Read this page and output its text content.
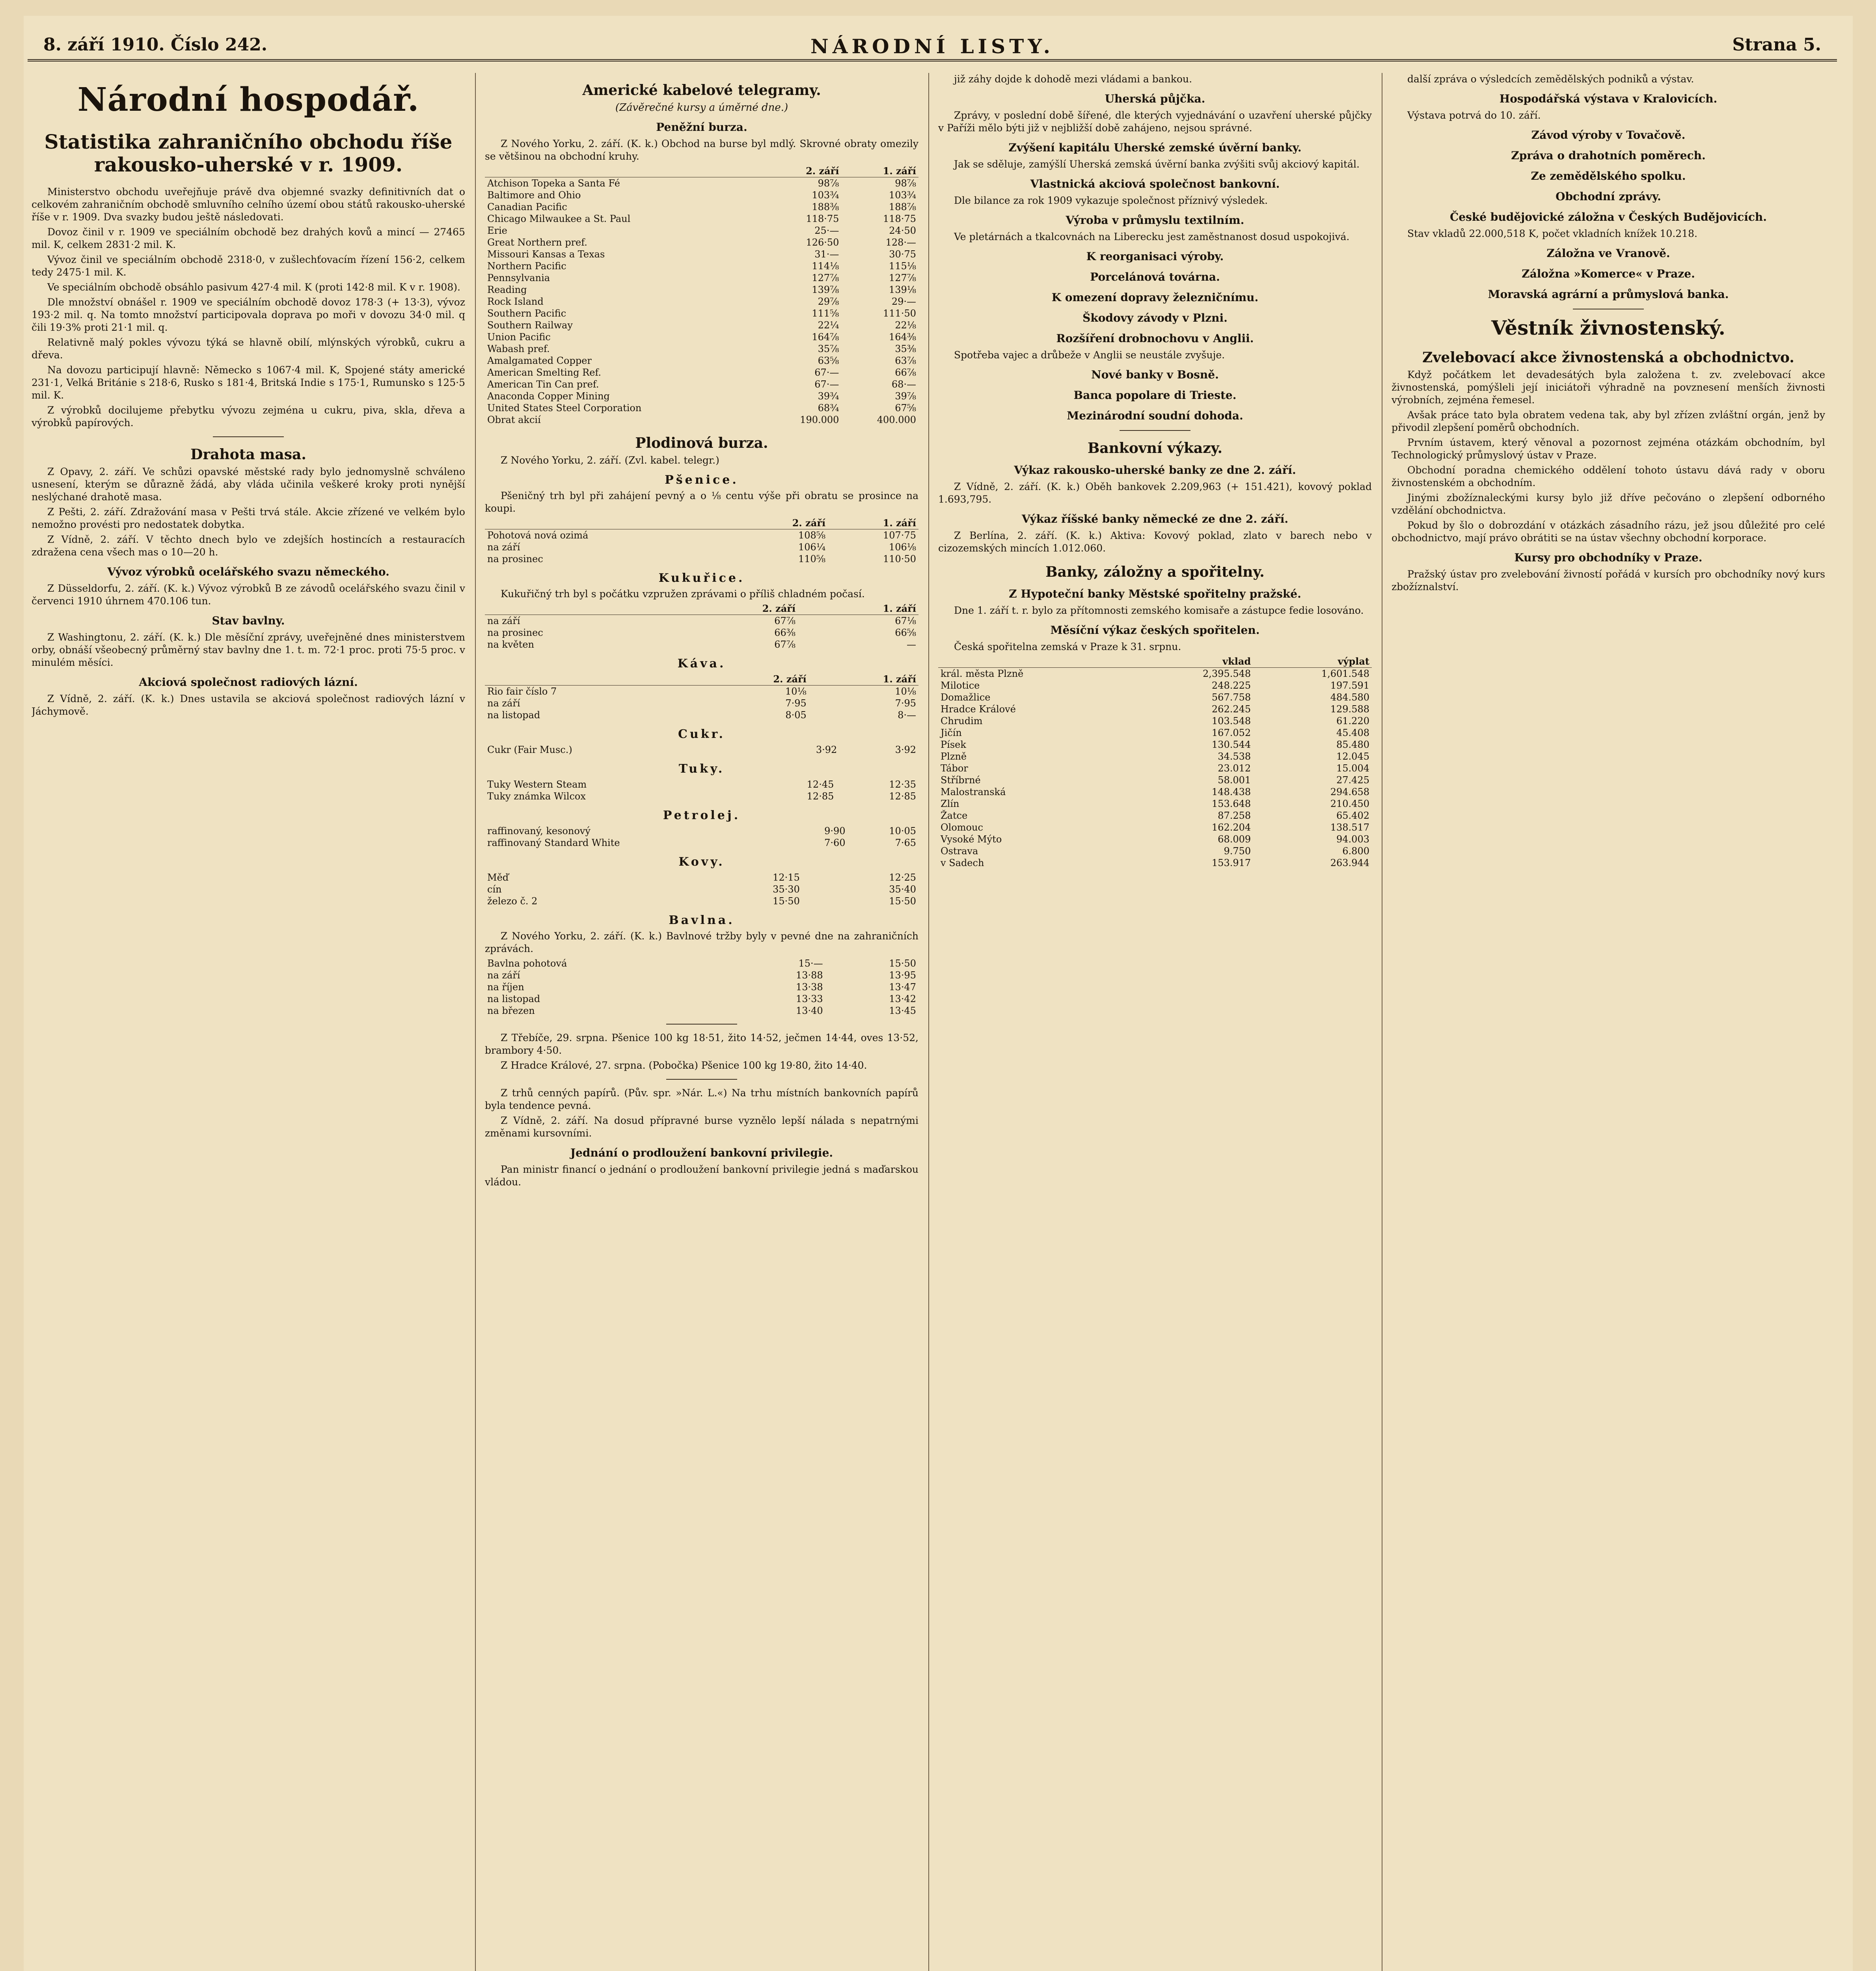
8. září 1910. Číslo 242.	NÁRODNÍ LISTY.	Strana 5.
Národní hospodář.
Statistika zahraničního obchodu říše rakousko-uherské v r. 1909.

Ministerstvo obchodu uveřejňuje právě dva objemné svazky definitivních dat o celkovém zahraničním obchodě smluvního celního území obou států rakousko-uherské říše v r. 1909. Dva svazky budou ještě následovati.

Dovoz činil v r. 1909 ve speciálním obchodě bez drahých kovů a mincí — 27465 mil. K, celkem 2831·2 mil. K.

Vývoz činil ve speciálním obchodě 2318·0, v zušlechťovacím řízení 156·2, celkem tedy 2475·1 mil. K.

Ve speciálním obchodě obsáhlo pasivum 427·4 mil. K (proti 142·8 mil. K v r. 1908).

Dle množství obnášel r. 1909 ve speciálním obchodě dovoz 178·3 (+ 13·3), vývoz 193·2 mil. q. Na tomto množství participovala doprava po moři v dovozu 34·0 mil. q čili 19·3% proti 21·1 mil. q.

Relativně malý pokles vývozu týká se hlavně obilí, mlýnských výrobků, cukru a dřeva.

Na dovozu participují hlavně: Německo s 1067·4 mil. K, Spojené státy americké 231·1, Velká Británie s 218·6, Rusko s 181·4, Britská Indie s 175·1, Rumunsko s 125·5 mil. K.

Z výrobků docilujeme přebytku vývozu zejména u cukru, piva, skla, dřeva a výrobků papírových.

Drahota masa.

Z Opavy, 2. září. Ve schůzi opavské městské rady bylo jednomyslně schváleno usnesení, kterým se důrazně žádá, aby vláda učinila veškeré kroky proti nynější neslýchané drahotě masa.

Z Pešti, 2. září. Zdražování masa v Pešti trvá stále. Akcie zřízené ve velkém bylo nemožno provésti pro nedostatek dobytka.

Z Vídně, 2. září. V těchto dnech bylo ve zdejších hostincích a restauracích zdražena cena všech mas o 10—20 h.

Vývoz výrobků ocelářského svazu německého.

Z Düsseldorfu, 2. září. (K. k.) Vývoz výrobků B ze závodů ocelářského svazu činil v červenci 1910 úhrnem 470.106 tun.

Stav bavlny.

Z Washingtonu, 2. září. (K. k.) Dle měsíční zprávy, uveřejněné dnes ministerstvem orby, obnáší všeobecný průměrný stav bavlny dne 1. t. m. 72·1 proc. proti 75·5 proc. v minulém měsíci.

Akciová společnost radiových lázní.

Z Vídně, 2. září. (K. k.) Dnes ustavila se akciová společnost radiových lázní v Jáchymově.

Americké kabelové telegramy.
(Závěrečné kursy a úměrné dne.)
Peněžní burza.

Z Nového Yorku, 2. září. (K. k.) Obchod na burse byl mdlý. Skrovné obraty omezily se většinou na obchodní kruhy.

	2. září	1. září
Atchison Topeka a Santa Fé	98⅞	98⅞
Baltimore and Ohio	103¾	103¾
Canadian Pacific	188⅜	188⅞
Chicago Milwaukee a St. Paul	118·75	118·75
Erie	25·—	24·50
Great Northern pref.	126·50	128·—
Missouri Kansas a Texas	31·—	30·75
Northern Pacific	114⅛	115⅛
Pennsylvania	127⅞	127⅞
Reading	139⅞	139⅛
Rock Island	29⅞	29·—
Southern Pacific	111⅝	111·50
Southern Railway	22¼	22⅛
Union Pacific	164⅞	164⅜
Wabash pref.	35⅞	35⅜
Amalgamated Copper	63⅝	63⅞
American Smelting Ref.	67·—	66⅞
American Tin Can pref.	67·—	68·—
Anaconda Copper Mining	39¾	39⅞
United States Steel Corporation	68¾	67⅝
Obrat akcií	190.000	400.000
Plodinová burza.

Z Nového Yorku, 2. září. (Zvl. kabel. telegr.)

Pšenice.

Pšeničný trh byl při zahájení pevný a o ⅛ centu výše při obratu se prosince na koupi.

	2. září	1. září
Pohotová nová ozimá	108⅝	107·75
na září	106¼	106⅛
na prosinec	110⅝	110·50
Kukuřice.

Kukuřičný trh byl s počátku vzpružen zprávami o příliš chladném počasí.

	2. září	1. září
na září	67⅞	67⅛
na prosinec	66⅜	66⅝
na květen	67⅞	—
Káva.
	2. září	1. září
Rio fair číslo 7	10⅛	10⅛
na září	7·95	7·95
na listopad	8·05	8·—
Cukr.
Cukr (Fair Musc.)	3·92	3·92
Tuky.
Tuky Western Steam	12·45	12·35
Tuky známka Wilcox	12·85	12·85
Petrolej.
raffinovaný, kesonový	9·90	10·05
raffinovaný Standard White	7·60	7·65
Kovy.
Měď	12·15	12·25
cín	35·30	35·40
železo č. 2	15·50	15·50
Bavlna.

Z Nového Yorku, 2. září. (K. k.) Bavlnové tržby byly v pevné dne na zahraničních zprávách.

Bavlna pohotová	15·—	15·50
na září	13·88	13·95
na říjen	13·38	13·47
na listopad	13·33	13·42
na březen	13·40	13·45

Z Třebíče, 29. srpna. Pšenice 100 kg 18·51, žito 14·52, ječmen 14·44, oves 13·52, brambory 4·50.

Z Hradce Králové, 27. srpna. (Pobočka) Pšenice 100 kg 19·80, žito 14·40.

Z trhů cenných papírů. (Pův. spr. »Nár. L.«) Na trhu místních bankovních papírů byla tendence pevná.

Z Vídně, 2. září. Na dosud přípravné burse vyznělo lepší nálada s nepatrnými změnami kursovními.

Jednání o prodloužení bankovní privilegie.

Pan ministr financí o jednání o prodloužení bankovní privilegie jedná s maďarskou vládou.

již záhy dojde k dohodě mezi vládami a bankou.

Uherská půjčka.

Zprávy, v poslední době šířené, dle kterých vyjednávání o uzavření uherské půjčky v Paříži mělo býti již v nejbližší době zahájeno, nejsou správné.

Zvýšení kapitálu Uherské zemské úvěrní banky.

Jak se sděluje, zamýšlí Uherská zemská úvěrní banka zvýšiti svůj akciový kapitál.

Vlastnická akciová společnost bankovní.

Dle bilance za rok 1909 vykazuje společnost příznivý výsledek.

Výroba v průmyslu textilním.

Ve pletárnách a tkalcovnách na Liberecku jest zaměstnanost dosud uspokojivá.

K reorganisaci výroby.
Porcelánová továrna.
K omezení dopravy železničnímu.
Škodovy závody v Plzni.
Rozšíření drobnochovu v Anglii.

Spotřeba vajec a drůbeže v Anglii se neustále zvyšuje.

Nové banky v Bosně.
Banca popolare di Trieste.
Mezinárodní soudní dohoda.
Bankovní výkazy.
Výkaz rakousko-uherské banky ze dne 2. září.

Z Vídně, 2. září. (K. k.) Oběh bankovek 2.209,963 (+ 151.421), kovový poklad 1.693,795.

Výkaz říšské banky německé ze dne 2. září.

Z Berlína, 2. září. (K. k.) Aktiva: Kovový poklad, zlato v barech nebo v cizozemských mincích 1.012.060.

Banky, záložny a spořitelny.
Z Hypoteční banky Městské spořitelny pražské.

Dne 1. září t. r. bylo za přítomnosti zemského komisaře a zástupce fedie losováno.

Měsíční výkaz českých spořitelen.

Česká spořitelna zemská v Praze k 31. srpnu.

	vklad	výplat
král. města Plzně	2,395.548	1,601.548
Milotice	248.225	197.591
Domažlice	567.758	484.580
Hradce Králové	262.245	129.588
Chrudim	103.548	61.220
Jičín	167.052	45.408
Písek	130.544	85.480
Plzně	34.538	12.045
Tábor	23.012	15.004
Stříbrné	58.001	27.425
Malostranská	148.438	294.658
Zlín	153.648	210.450
Žatce	87.258	65.402
Olomouc	162.204	138.517
Vysoké Mýto	68.009	94.003
Ostrava	9.750	6.800
v Sadech	153.917	263.944

další zpráva o výsledcích zemědělských podniků a výstav.

Hospodářská výstava v Kralovicích.

Výstava potrvá do 10. září.

Závod výroby v Tovačově.
Zpráva o drahotních poměrech.
Ze zemědělského spolku.
Obchodní zprávy.
České budějovické záložna v Českých Budějovicích.

Stav vkladů 22.000,518 K, počet vkladních knížek 10.218.

Záložna ve Vranově.
Záložna »Komerce« v Praze.
Moravská agrární a průmyslová banka.
Věstník živnostenský.
Zvelebovací akce živnostenská a obchodnictvo.

Když počátkem let devadesátých byla založena t. zv. zvelebovací akce živnostenská, pomýšleli její iniciátoři výhradně na povznesení menších živnosti výrobních, zejména řemesel.

Avšak práce tato byla obratem vedena tak, aby byl zřízen zvláštní orgán, jenž by přivodil zlepšení poměrů obchodních.

Prvním ústavem, který věnoval a pozornost zejména otázkám obchodním, byl Technologický průmyslový ústav v Praze.

Obchodní poradna chemického oddělení tohoto ústavu dává rady v oboru živnostenském a obchodním.

Jinými zbožíznaleckými kursy bylo již dříve pečováno o zlepšení odborného vzdělání obchodnictva.

Pokud by šlo o dobrozdání v otázkách zásadního rázu, jež jsou důležité pro celé obchodnictvo, mají právo obrátiti se na ústav všechny obchodní korporace.

Kursy pro obchodníky v Praze.

Pražský ústav pro zvelebování živností pořádá v kursích pro obchodníky nový kurs zbožíznalství.
